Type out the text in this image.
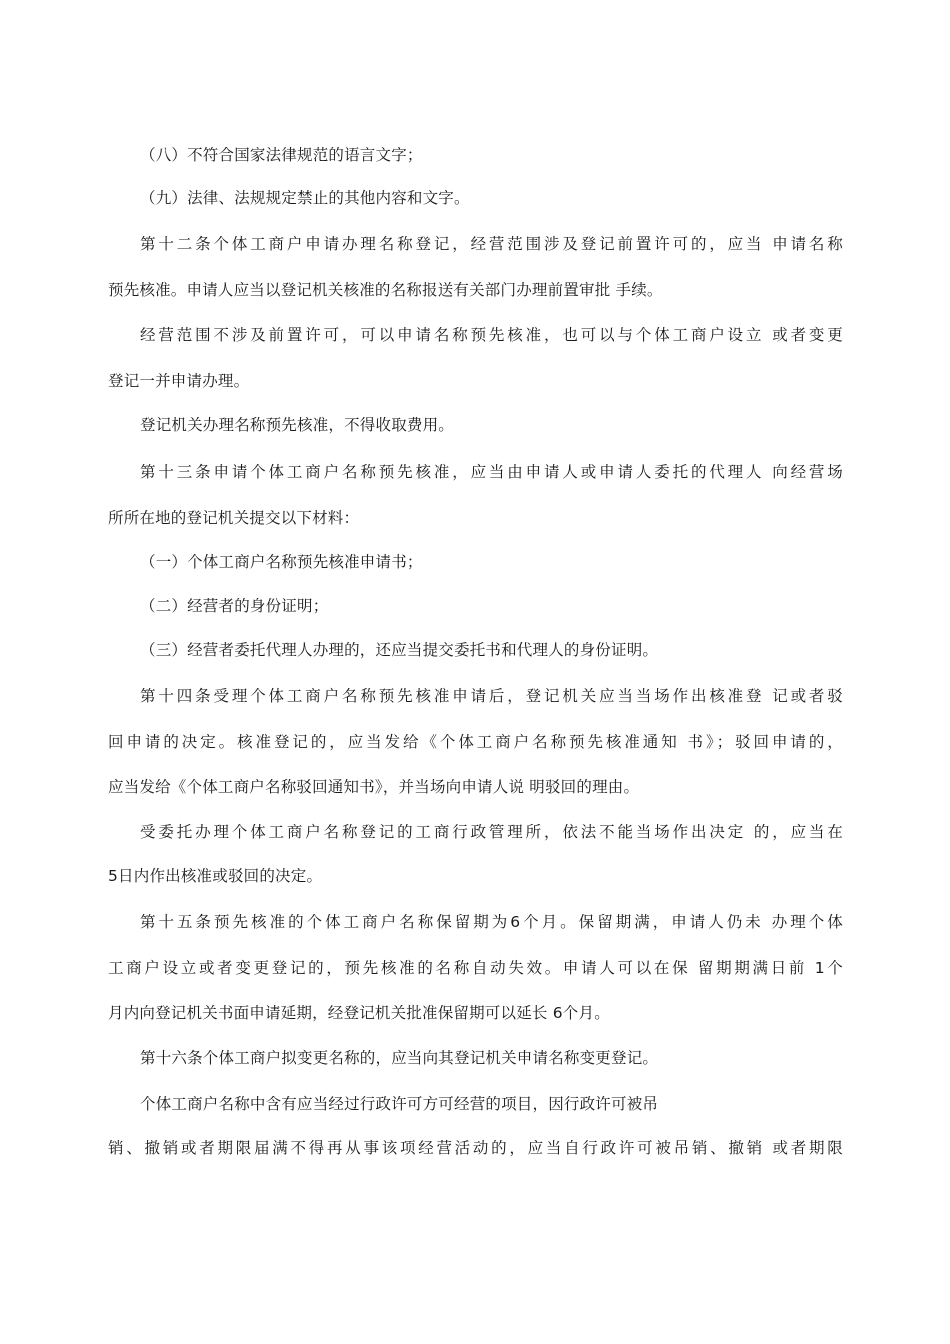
（八）不符合国家法律规范的语言文字；
（九）法律、法规规定禁止的其他内容和文字。
第十二条个体工商户申请办理名称登记，经营范围涉及登记前置许可的，应当 申请名称
预先核准。申请人应当以登记机关核准的名称报送有关部门办理前置审批 手续。
经营范围不涉及前置许可，可以申请名称预先核准，也可以与个体工商户设立 或者变更
登记一并申请办理。
登记机关办理名称预先核准，不得收取费用。
第十三条申请个体工商户名称预先核准，应当由申请人或申请人委托的代理人 向经营场
所所在地的登记机关提交以下材料：
（一）个体工商户名称预先核准申请书；
（二）经营者的身份证明；
（三）经营者委托代理人办理的，还应当提交委托书和代理人的身份证明。
第十四条受理个体工商户名称预先核准申请后，登记机关应当当场作出核准登 记或者驳
回申请的决定。核准登记的，应当发给《个体工商户名称预先核准通知 书》；驳回申请的，
应当发给《个体工商户名称驳回通知书》，并当场向申请人说 明驳回的理由。
受委托办理个体工商户名称登记的工商行政管理所，依法不能当场作出决定 的，应当在
5日内作出核准或驳回的决定。
第十五条预先核准的个体工商户名称保留期为6个月。保留期满，申请人仍未 办理个体
工商户设立或者变更登记的，预先核准的名称自动失效。申请人可以在保 留期期满日前 1个
月内向登记机关书面申请延期，经登记机关批准保留期可以延长 6个月。
第十六条个体工商户拟变更名称的，应当向其登记机关申请名称变更登记。
个体工商户名称中含有应当经过行政许可方可经营的项目，因行政许可被吊
销、撤销或者期限届满不得再从事该项经营活动的，应当自行政许可被吊销、撤销 或者期限
